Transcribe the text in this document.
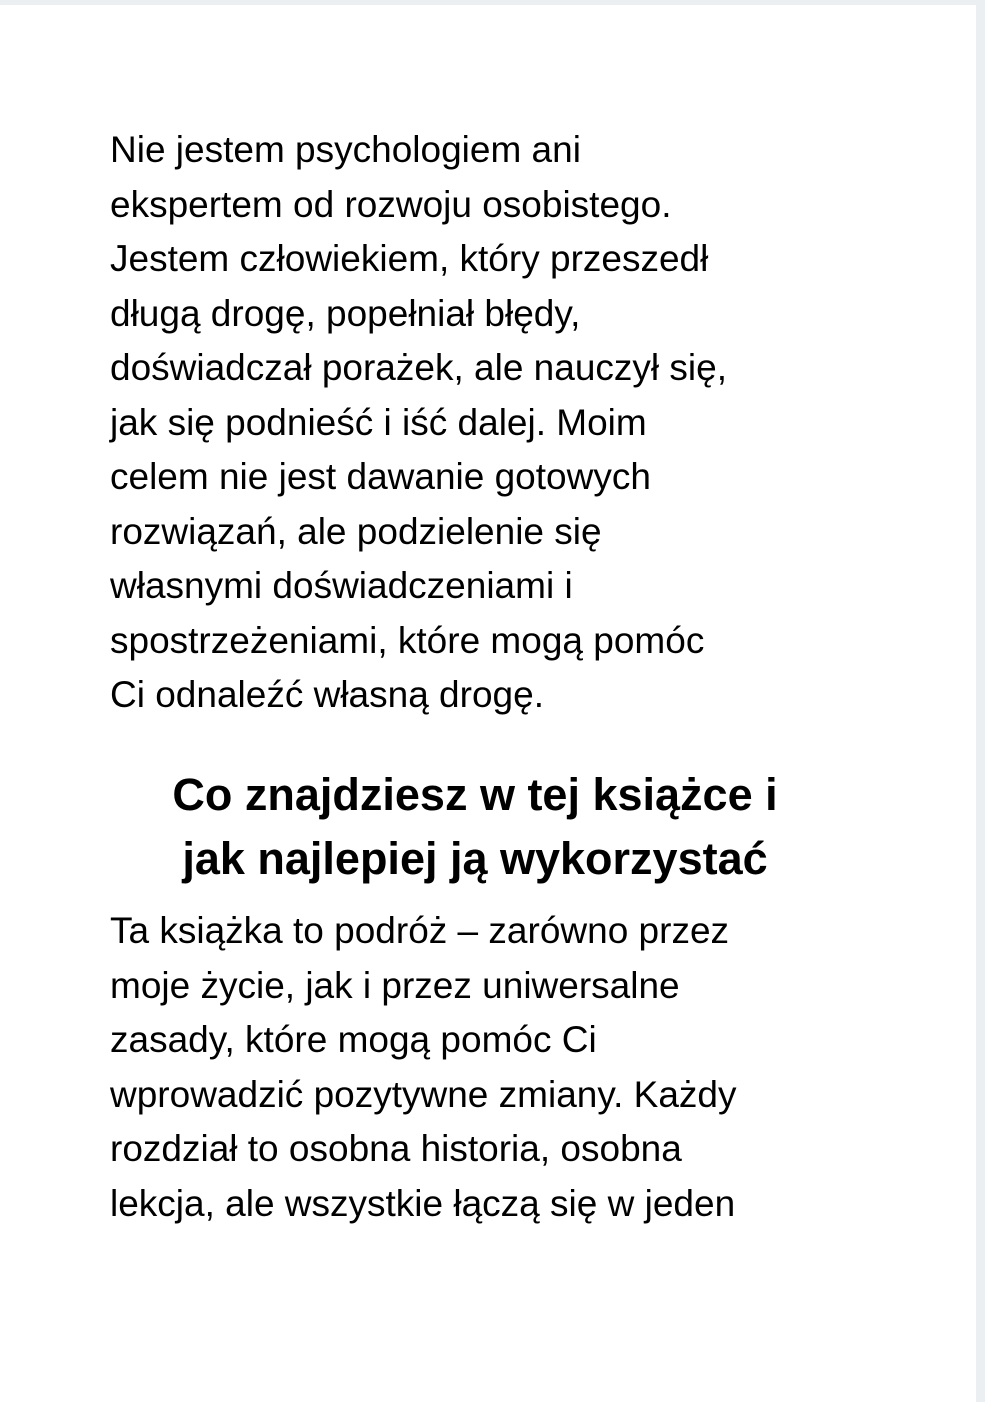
Nie jestem psychologiem ani
ekspertem od rozwoju osobistego.
Jestem człowiekiem, który przeszedł
długą drogę, popełniał błędy,
doświadczał porażek, ale nauczył się,
jak się podnieść i iść dalej. Moim
celem nie jest dawanie gotowych
rozwiązań, ale podzielenie się
własnymi doświadczeniami i
spostrzeżeniami, które mogą pomóc
Ci odnaleźć własną drogę.

Co znajdziesz w tej książce i
jak najlepiej ją wykorzystać

Ta książka to podróż – zarówno przez
moje życie, jak i przez uniwersalne
zasady, które mogą pomóc Ci
wprowadzić pozytywne zmiany. Każdy
rozdział to osobna historia, osobna
lekcja, ale wszystkie łączą się w jeden
